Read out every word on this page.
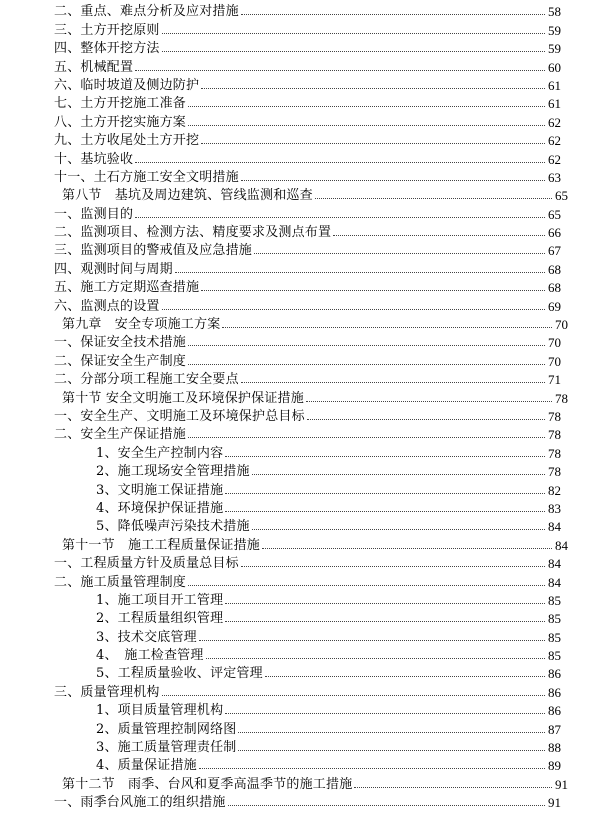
二、重点、难点分析及应对措施	58
三、土方开挖原则	59
四、整体开挖方法	59
五、机械配置	60
六、临时坡道及侧边防护	61
七、土方开挖施工准备	61
八、土方开挖实施方案	62
九、土方收尾处土方开挖	62
十、基坑验收	62
十一、土石方施工安全文明措施	63
第八节　基坑及周边建筑、管线监测和巡查	65
一、监测目的	65
二、监测项目、检测方法、精度要求及测点布置	66
三、监测项目的警戒值及应急措施	67
四、观测时间与周期	68
五、施工方定期巡查措施	68
六、监测点的设置	69
第九章　安全专项施工方案	70
一、保证安全技术措施	70
二、保证安全生产制度	70
二、分部分项工程施工安全要点	71
第十节 安全文明施工及环境保护保证措施	78
一、安全生产、文明施工及环境保护总目标	78
二、安全生产保证措施	78
1、安全生产控制内容	78
2、施工现场安全管理措施	78
3、文明施工保证措施	82
4、环境保护保证措施	83
5、降低噪声污染技术措施	84
第十一节　施工工程质量保证措施	84
一、工程质量方针及质量总目标	84
二、施工质量管理制度	84
1、施工项目开工管理	85
2、工程质量组织管理	85
3、技术交底管理	85
4、　施工检查管理	85
5、工程质量验收、评定管理	86
三、质量管理机构	86
1、项目质量管理机构	86
2、质量管理控制网络图	87
3、施工质量管理责任制	88
4、质量保证措施	89
第十二节　雨季、台风和夏季高温季节的施工措施	91
一、雨季台风施工的组织措施	91
